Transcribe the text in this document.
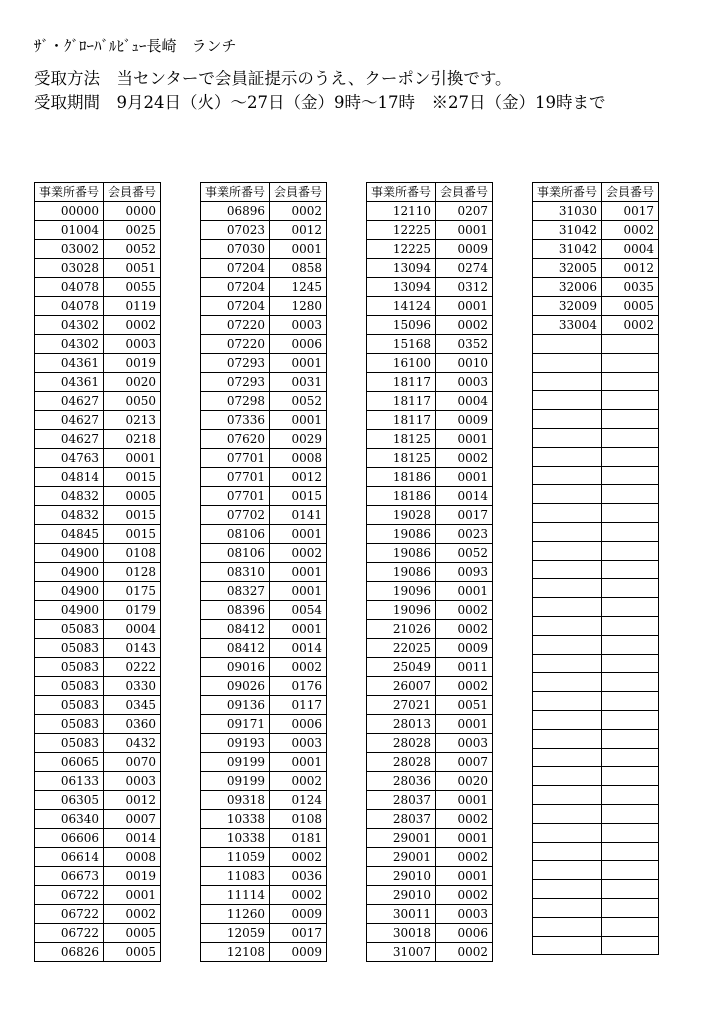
ｻﾞ・ｸﾞﾛｰﾊﾞﾙﾋﾞｭｰ長崎　ランチ
受取方法　当センターで会員証提示のうえ、クーポン引換です。
受取期間　9月24日（火）～27日（金）9時～17時　※27日（金）19時まで
事業所番号	会員番号
00000	0000
01004	0025
03002	0052
03028	0051
04078	0055
04078	0119
04302	0002
04302	0003
04361	0019
04361	0020
04627	0050
04627	0213
04627	0218
04763	0001
04814	0015
04832	0005
04832	0015
04845	0015
04900	0108
04900	0128
04900	0175
04900	0179
05083	0004
05083	0143
05083	0222
05083	0330
05083	0345
05083	0360
05083	0432
06065	0070
06133	0003
06305	0012
06340	0007
06606	0014
06614	0008
06673	0019
06722	0001
06722	0002
06722	0005
06826	0005
事業所番号	会員番号
06896	0002
07023	0012
07030	0001
07204	0858
07204	1245
07204	1280
07220	0003
07220	0006
07293	0001
07293	0031
07298	0052
07336	0001
07620	0029
07701	0008
07701	0012
07701	0015
07702	0141
08106	0001
08106	0002
08310	0001
08327	0001
08396	0054
08412	0001
08412	0014
09016	0002
09026	0176
09136	0117
09171	0006
09193	0003
09199	0001
09199	0002
09318	0124
10338	0108
10338	0181
11059	0002
11083	0036
11114	0002
11260	0009
12059	0017
12108	0009
事業所番号	会員番号
12110	0207
12225	0001
12225	0009
13094	0274
13094	0312
14124	0001
15096	0002
15168	0352
16100	0010
18117	0003
18117	0004
18117	0009
18125	0001
18125	0002
18186	0001
18186	0014
19028	0017
19086	0023
19086	0052
19086	0093
19096	0001
19096	0002
21026	0002
22025	0009
25049	0011
26007	0002
27021	0051
28013	0001
28028	0003
28028	0007
28036	0020
28037	0001
28037	0002
29001	0001
29001	0002
29010	0001
29010	0002
30011	0003
30018	0006
31007	0002
事業所番号	会員番号
31030	0017
31042	0002
31042	0004
32005	0012
32006	0035
32009	0005
33004	0002
